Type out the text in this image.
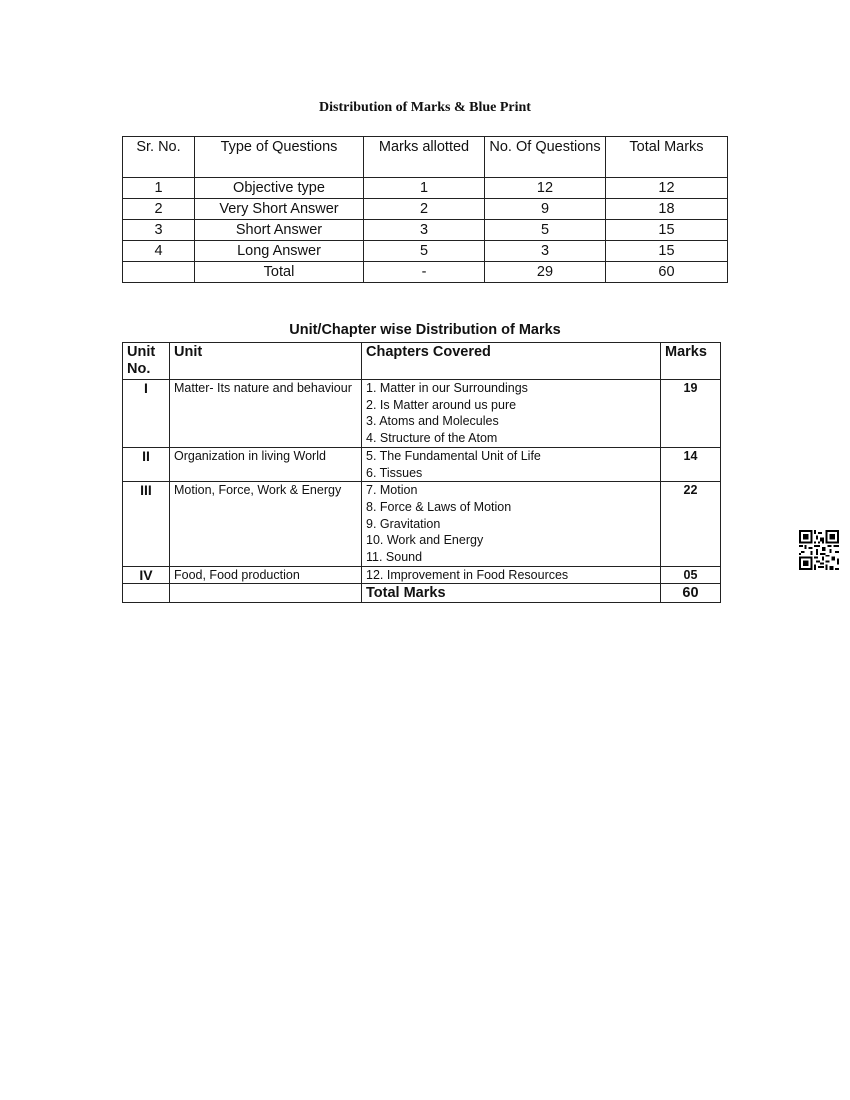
Distribution of Marks & Blue Print
Sr. No.	Type of Questions	Marks allotted	No. Of Questions	Total Marks
1	Objective type	1	12	12
2	Very Short Answer	2	9	18
3	Short Answer	3	5	15
4	Long Answer	5	3	15
	Total	-	29	60
Unit/Chapter wise Distribution of Marks
Unit No.	Unit	Chapters Covered	Marks
I	Matter- Its nature and behaviour	1. Matter in our Surroundings
2. Is Matter around us pure
3. Atoms and Molecules
4. Structure of the Atom	19
II	Organization in living World	5. The Fundamental Unit of Life
6. Tissues	14
III	Motion, Force, Work & Energy	7. Motion
8. Force & Laws of Motion
9. Gravitation
10. Work and Energy
11. Sound	22
IV	Food, Food production	12. Improvement in Food Resources	05
		Total Marks	60
